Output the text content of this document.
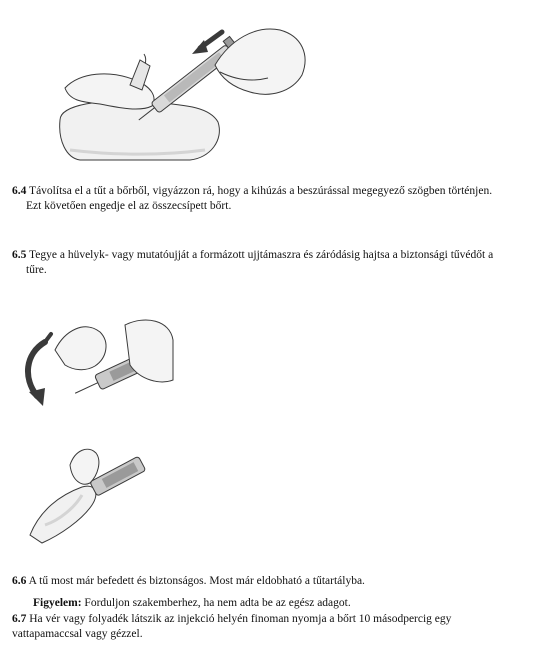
6.4 Távolítsa el a tűt a bőrből, vigyázzon rá, hogy a kihúzás a beszúrással megegyező szögben történjen.
Ezt követően engedje el az összecsípett bőrt.

6.5 Tegye a hüvelyk- vagy mutatóujját a formázott ujjtámaszra és záródásig hajtsa a biztonsági tűvédőt a
tűre.

6.6 A tű most már befedett és biztonságos. Most már eldobható a tűtartályba.

Figyelem: Forduljon szakemberhez, ha nem adta be az egész adagot.

6.7 Ha vér vagy folyadék látszik az injekció helyén finoman nyomja a bőrt 10 másodpercig egy
vattapamaccsal vagy gézzel.
